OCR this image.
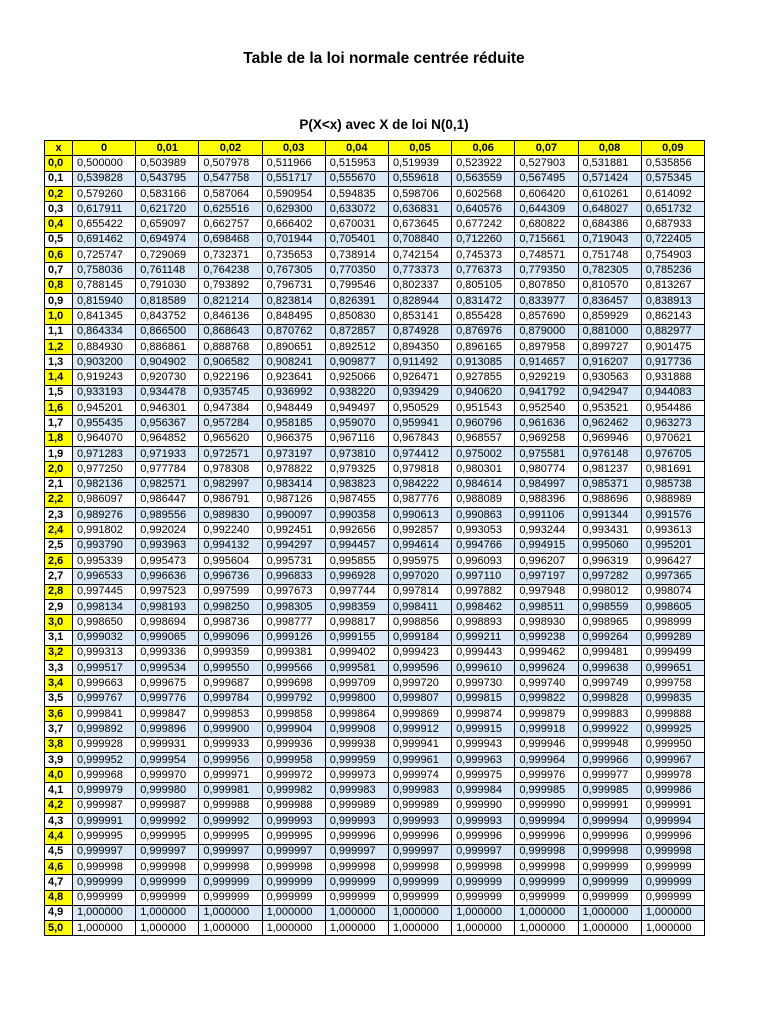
Table de la loi normale centrée réduite
P(X<x) avec X de loi N(0,1)
x	0	0,01	0,02	0,03	0,04	0,05	0,06	0,07	0,08	0,09
0,0	0,500000	0,503989	0,507978	0,511966	0,515953	0,519939	0,523922	0,527903	0,531881	0,535856
0,1	0,539828	0,543795	0,547758	0,551717	0,555670	0,559618	0,563559	0,567495	0,571424	0,575345
0,2	0,579260	0,583166	0,587064	0,590954	0,594835	0,598706	0,602568	0,606420	0,610261	0,614092
0,3	0,617911	0,621720	0,625516	0,629300	0,633072	0,636831	0,640576	0,644309	0,648027	0,651732
0,4	0,655422	0,659097	0,662757	0,666402	0,670031	0,673645	0,677242	0,680822	0,684386	0,687933
0,5	0,691462	0,694974	0,698468	0,701944	0,705401	0,708840	0,712260	0,715661	0,719043	0,722405
0,6	0,725747	0,729069	0,732371	0,735653	0,738914	0,742154	0,745373	0,748571	0,751748	0,754903
0,7	0,758036	0,761148	0,764238	0,767305	0,770350	0,773373	0,776373	0,779350	0,782305	0,785236
0,8	0,788145	0,791030	0,793892	0,796731	0,799546	0,802337	0,805105	0,807850	0,810570	0,813267
0,9	0,815940	0,818589	0,821214	0,823814	0,826391	0,828944	0,831472	0,833977	0,836457	0,838913
1,0	0,841345	0,843752	0,846136	0,848495	0,850830	0,853141	0,855428	0,857690	0,859929	0,862143
1,1	0,864334	0,866500	0,868643	0,870762	0,872857	0,874928	0,876976	0,879000	0,881000	0,882977
1,2	0,884930	0,886861	0,888768	0,890651	0,892512	0,894350	0,896165	0,897958	0,899727	0,901475
1,3	0,903200	0,904902	0,906582	0,908241	0,909877	0,911492	0,913085	0,914657	0,916207	0,917736
1,4	0,919243	0,920730	0,922196	0,923641	0,925066	0,926471	0,927855	0,929219	0,930563	0,931888
1,5	0,933193	0,934478	0,935745	0,936992	0,938220	0,939429	0,940620	0,941792	0,942947	0,944083
1,6	0,945201	0,946301	0,947384	0,948449	0,949497	0,950529	0,951543	0,952540	0,953521	0,954486
1,7	0,955435	0,956367	0,957284	0,958185	0,959070	0,959941	0,960796	0,961636	0,962462	0,963273
1,8	0,964070	0,964852	0,965620	0,966375	0,967116	0,967843	0,968557	0,969258	0,969946	0,970621
1,9	0,971283	0,971933	0,972571	0,973197	0,973810	0,974412	0,975002	0,975581	0,976148	0,976705
2,0	0,977250	0,977784	0,978308	0,978822	0,979325	0,979818	0,980301	0,980774	0,981237	0,981691
2,1	0,982136	0,982571	0,982997	0,983414	0,983823	0,984222	0,984614	0,984997	0,985371	0,985738
2,2	0,986097	0,986447	0,986791	0,987126	0,987455	0,987776	0,988089	0,988396	0,988696	0,988989
2,3	0,989276	0,989556	0,989830	0,990097	0,990358	0,990613	0,990863	0,991106	0,991344	0,991576
2,4	0,991802	0,992024	0,992240	0,992451	0,992656	0,992857	0,993053	0,993244	0,993431	0,993613
2,5	0,993790	0,993963	0,994132	0,994297	0,994457	0,994614	0,994766	0,994915	0,995060	0,995201
2,6	0,995339	0,995473	0,995604	0,995731	0,995855	0,995975	0,996093	0,996207	0,996319	0,996427
2,7	0,996533	0,996636	0,996736	0,996833	0,996928	0,997020	0,997110	0,997197	0,997282	0,997365
2,8	0,997445	0,997523	0,997599	0,997673	0,997744	0,997814	0,997882	0,997948	0,998012	0,998074
2,9	0,998134	0,998193	0,998250	0,998305	0,998359	0,998411	0,998462	0,998511	0,998559	0,998605
3,0	0,998650	0,998694	0,998736	0,998777	0,998817	0,998856	0,998893	0,998930	0,998965	0,998999
3,1	0,999032	0,999065	0,999096	0,999126	0,999155	0,999184	0,999211	0,999238	0,999264	0,999289
3,2	0,999313	0,999336	0,999359	0,999381	0,999402	0,999423	0,999443	0,999462	0,999481	0,999499
3,3	0,999517	0,999534	0,999550	0,999566	0,999581	0,999596	0,999610	0,999624	0,999638	0,999651
3,4	0,999663	0,999675	0,999687	0,999698	0,999709	0,999720	0,999730	0,999740	0,999749	0,999758
3,5	0,999767	0,999776	0,999784	0,999792	0,999800	0,999807	0,999815	0,999822	0,999828	0,999835
3,6	0,999841	0,999847	0,999853	0,999858	0,999864	0,999869	0,999874	0,999879	0,999883	0,999888
3,7	0,999892	0,999896	0,999900	0,999904	0,999908	0,999912	0,999915	0,999918	0,999922	0,999925
3,8	0,999928	0,999931	0,999933	0,999936	0,999938	0,999941	0,999943	0,999946	0,999948	0,999950
3,9	0,999952	0,999954	0,999956	0,999958	0,999959	0,999961	0,999963	0,999964	0,999966	0,999967
4,0	0,999968	0,999970	0,999971	0,999972	0,999973	0,999974	0,999975	0,999976	0,999977	0,999978
4,1	0,999979	0,999980	0,999981	0,999982	0,999983	0,999983	0,999984	0,999985	0,999985	0,999986
4,2	0,999987	0,999987	0,999988	0,999988	0,999989	0,999989	0,999990	0,999990	0,999991	0,999991
4,3	0,999991	0,999992	0,999992	0,999993	0,999993	0,999993	0,999993	0,999994	0,999994	0,999994
4,4	0,999995	0,999995	0,999995	0,999995	0,999996	0,999996	0,999996	0,999996	0,999996	0,999996
4,5	0,999997	0,999997	0,999997	0,999997	0,999997	0,999997	0,999997	0,999998	0,999998	0,999998
4,6	0,999998	0,999998	0,999998	0,999998	0,999998	0,999998	0,999998	0,999998	0,999999	0,999999
4,7	0,999999	0,999999	0,999999	0,999999	0,999999	0,999999	0,999999	0,999999	0,999999	0,999999
4,8	0,999999	0,999999	0,999999	0,999999	0,999999	0,999999	0,999999	0,999999	0,999999	0,999999
4,9	1,000000	1,000000	1,000000	1,000000	1,000000	1,000000	1,000000	1,000000	1,000000	1,000000
5,0	1,000000	1,000000	1,000000	1,000000	1,000000	1,000000	1,000000	1,000000	1,000000	1,000000
